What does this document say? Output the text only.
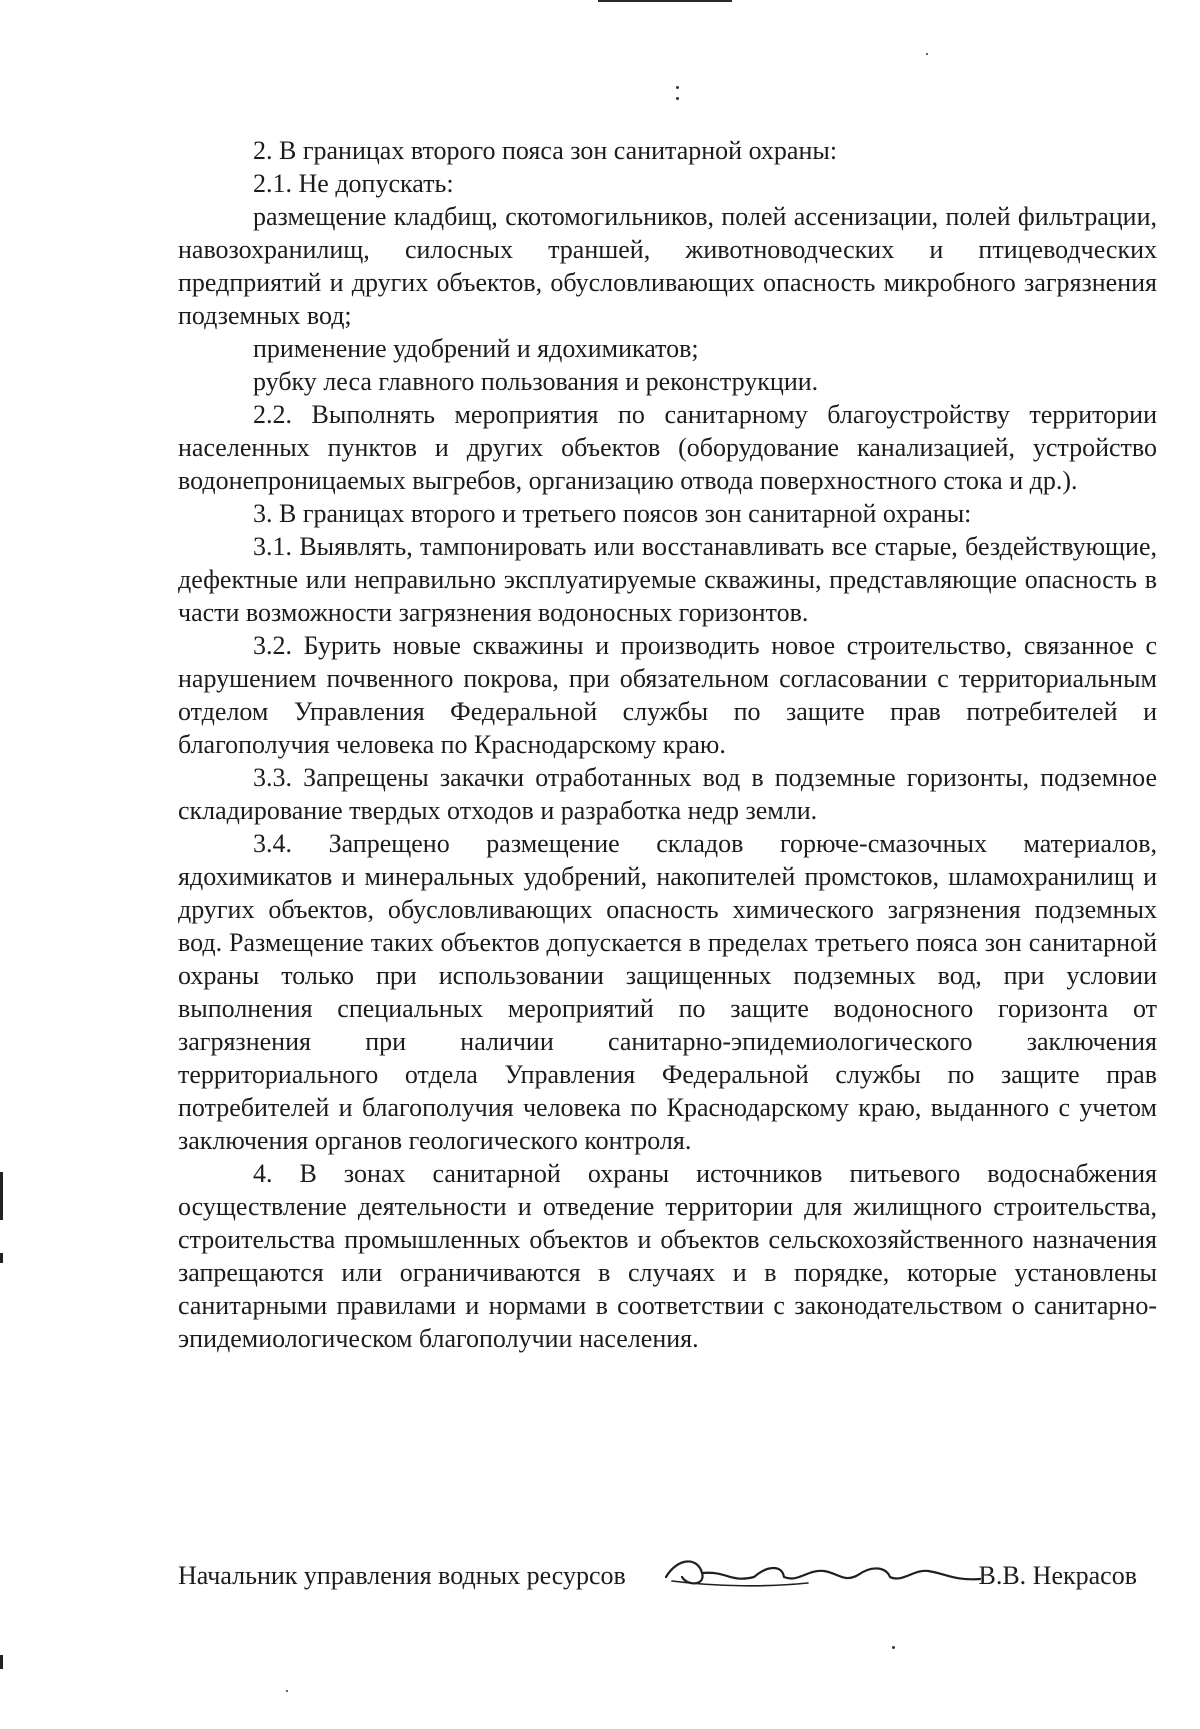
2. В границах второго пояса зон санитарной охраны:

2.1. Не допускать:

размещение кладбищ, скотомогильников, полей ассенизации, полей фильтрации, навозохранилищ, силосных траншей, животноводческих и птицеводческих предприятий и других объектов, обусловливающих опасность микробного загрязнения подземных вод;

применение удобрений и ядохимикатов;

рубку леса главного пользования и реконструкции.

2.2. Выполнять мероприятия по санитарному благоустройству территории населенных пунктов и других объектов (оборудование канализацией, устройство водонепроницаемых выгребов, организацию отвода поверхностного стока и др.).

3. В границах второго и третьего поясов зон санитарной охраны:

3.1. Выявлять, тампонировать или восстанавливать все старые, бездействующие, дефектные или неправильно эксплуатируемые скважины, представляющие опасность в части возможности загрязнения водоносных горизонтов.

3.2. Бурить новые скважины и производить новое строительство, связанное с нарушением почвенного покрова, при обязательном согласовании с территориальным отделом Управления Федеральной службы по защите прав потребителей и благополучия человека по Краснодарскому краю.

3.3. Запрещены закачки отработанных вод в подземные горизонты, подземное складирование твердых отходов и разработка недр земли.

3.4. Запрещено размещение складов горюче-смазочных материалов, ядохимикатов и минеральных удобрений, накопителей промстоков, шламохранилищ и других объектов, обусловливающих опасность химического загрязнения подземных вод. Размещение таких объектов допускается в пределах третьего пояса зон санитарной охраны только при использовании защищенных подземных вод, при условии выполнения специальных мероприятий по защите водоносного горизонта от загрязнения при наличии санитарно-эпидемиологического заключения территориального отдела Управления Федеральной службы по защите прав потребителей и благополучия человека по Краснодарскому краю, выданного с учетом заключения органов геологического контроля.

4. В зонах санитарной охраны источников питьевого водоснабжения осуществление деятельности и отведение территории для жилищного строительства, строительства промышленных объектов и объектов сельскохозяйственного назначения запрещаются или ограничиваются в случаях и в порядке, которые установлены санитарными правилами и нормами в соответствии с законодательством о санитарно-эпидемиологическом благополучии населения.

Начальник управления водных ресурсов	В.В. Некрасов
